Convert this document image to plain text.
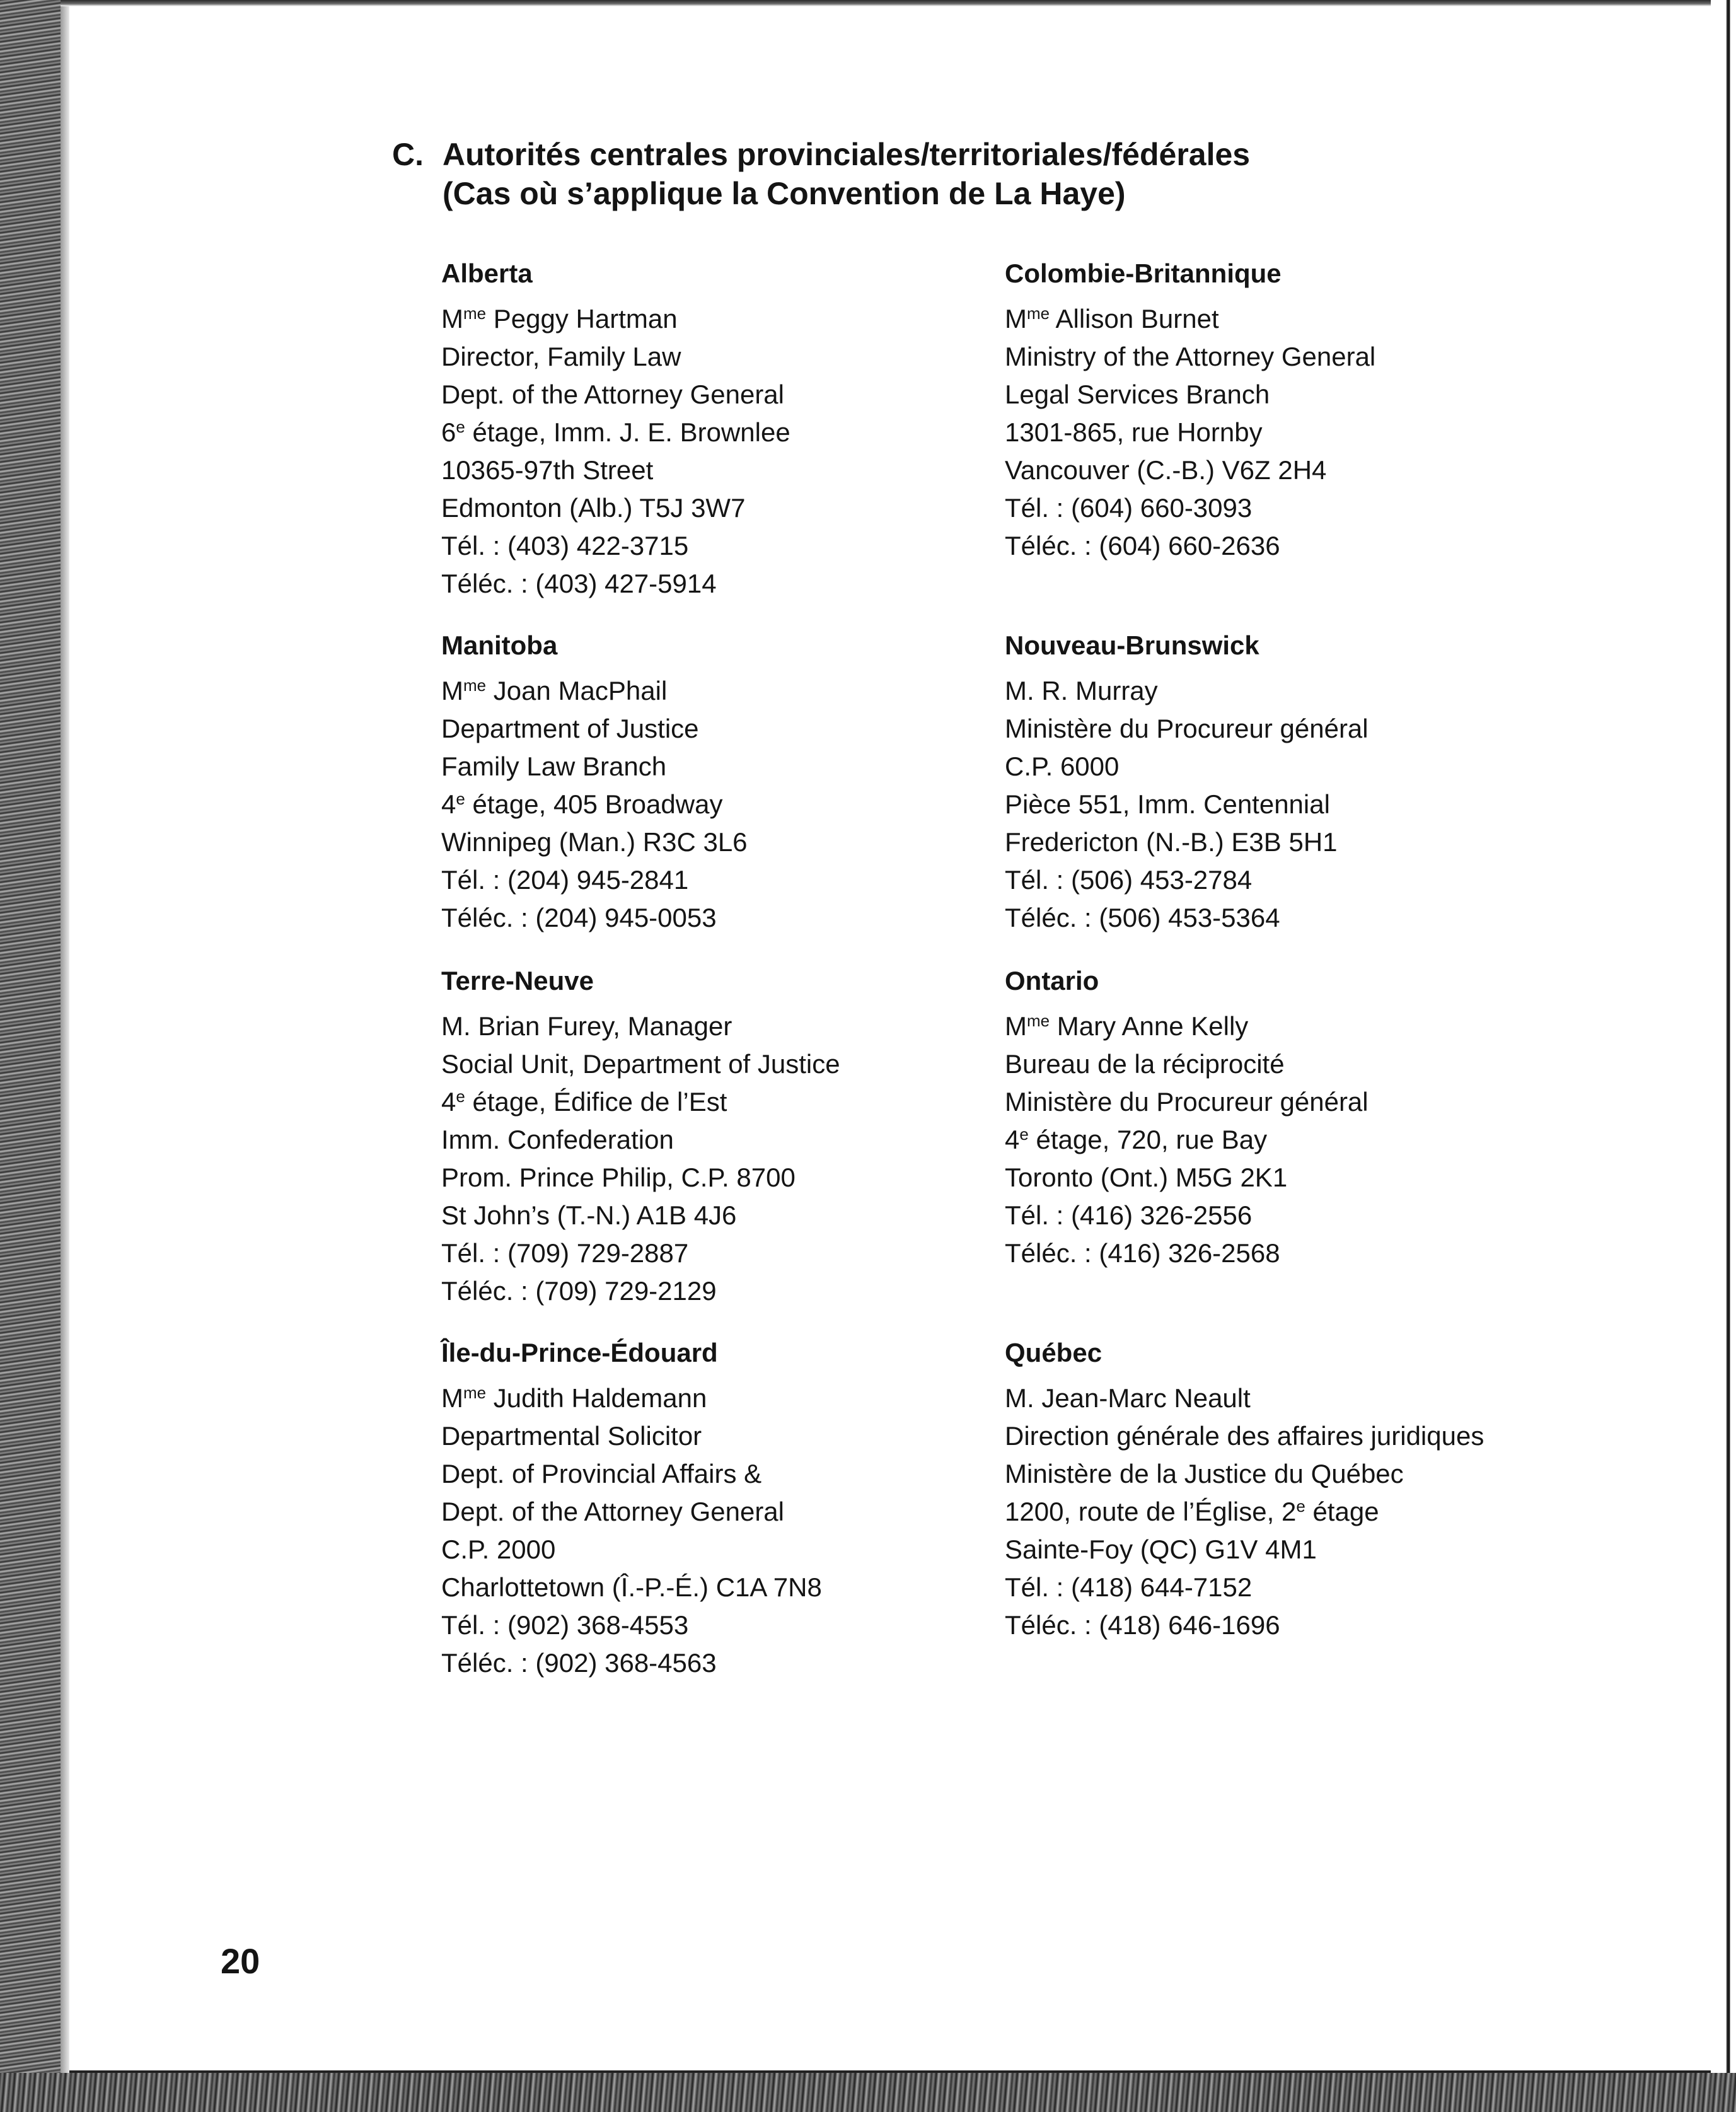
C. Autorités centrales provinciales/territoriales/fédérales
(Cas où s’applique la Convention de La Haye)
Alberta
$M^{me}$ Peggy Hartman
Director, Family Law
Dept. of the Attorney General
6e étage, Imm. J. E. Brownlee
10365-97th Street
Edmonton (Alb.) T5J 3W7
Tél. : (403) 422-3715
Téléc. : (403) 427-5914
Colombie-Britannique
$M^{me}$ Allison Burnet
Ministry of the Attorney General
Legal Services Branch
1301-865, rue Hornby
Vancouver (C.-B.) V6Z 2H4
Tél. : (604) 660-3093
Téléc. : (604) 660-2636
Manitoba
$M^{me}$ Joan MacPhail
Department of Justice
Family Law Branch
4e étage, 405 Broadway
Winnipeg (Man.) R3C 3L6
Tél. : (204) 945-2841
Téléc. : (204) 945-0053
Nouveau-Brunswick
M. R. Murray
Ministère du Procureur général
C.P. 6000
Pièce 551, Imm. Centennial
Fredericton (N.-B.) E3B 5H1
Tél. : (506) 453-2784
Téléc. : (506) 453-5364
Terre-Neuve
M. Brian Furey, Manager
Social Unit, Department of Justice
4e étage, Édifice de l’Est
Imm. Confederation
Prom. Prince Philip, C.P. 8700
St John’s (T.-N.) A1B 4J6
Tél. : (709) 729-2887
Téléc. : (709) 729-2129
Ontario
$M^{me}$ Mary Anne Kelly
Bureau de la réciprocité
Ministère du Procureur général
4e étage, 720, rue Bay
Toronto (Ont.) M5G 2K1
Tél. : (416) 326-2556
Téléc. : (416) 326-2568
Île-du-Prince-Édouard
$M^{me}$ Judith Haldemann
Departmental Solicitor
Dept. of Provincial Affairs &
Dept. of the Attorney General
C.P. 2000
Charlottetown (Î.-P.-É.) C1A 7N8
Tél. : (902) 368-4553
Téléc. : (902) 368-4563
Québec
M. Jean-Marc Neault
Direction générale des affaires juridiques
Ministère de la Justice du Québec
1200, route de l’Église, 2e étage
Sainte-Foy (QC) G1V 4M1
Tél. : (418) 644-7152
Téléc. : (418) 646-1696
20
